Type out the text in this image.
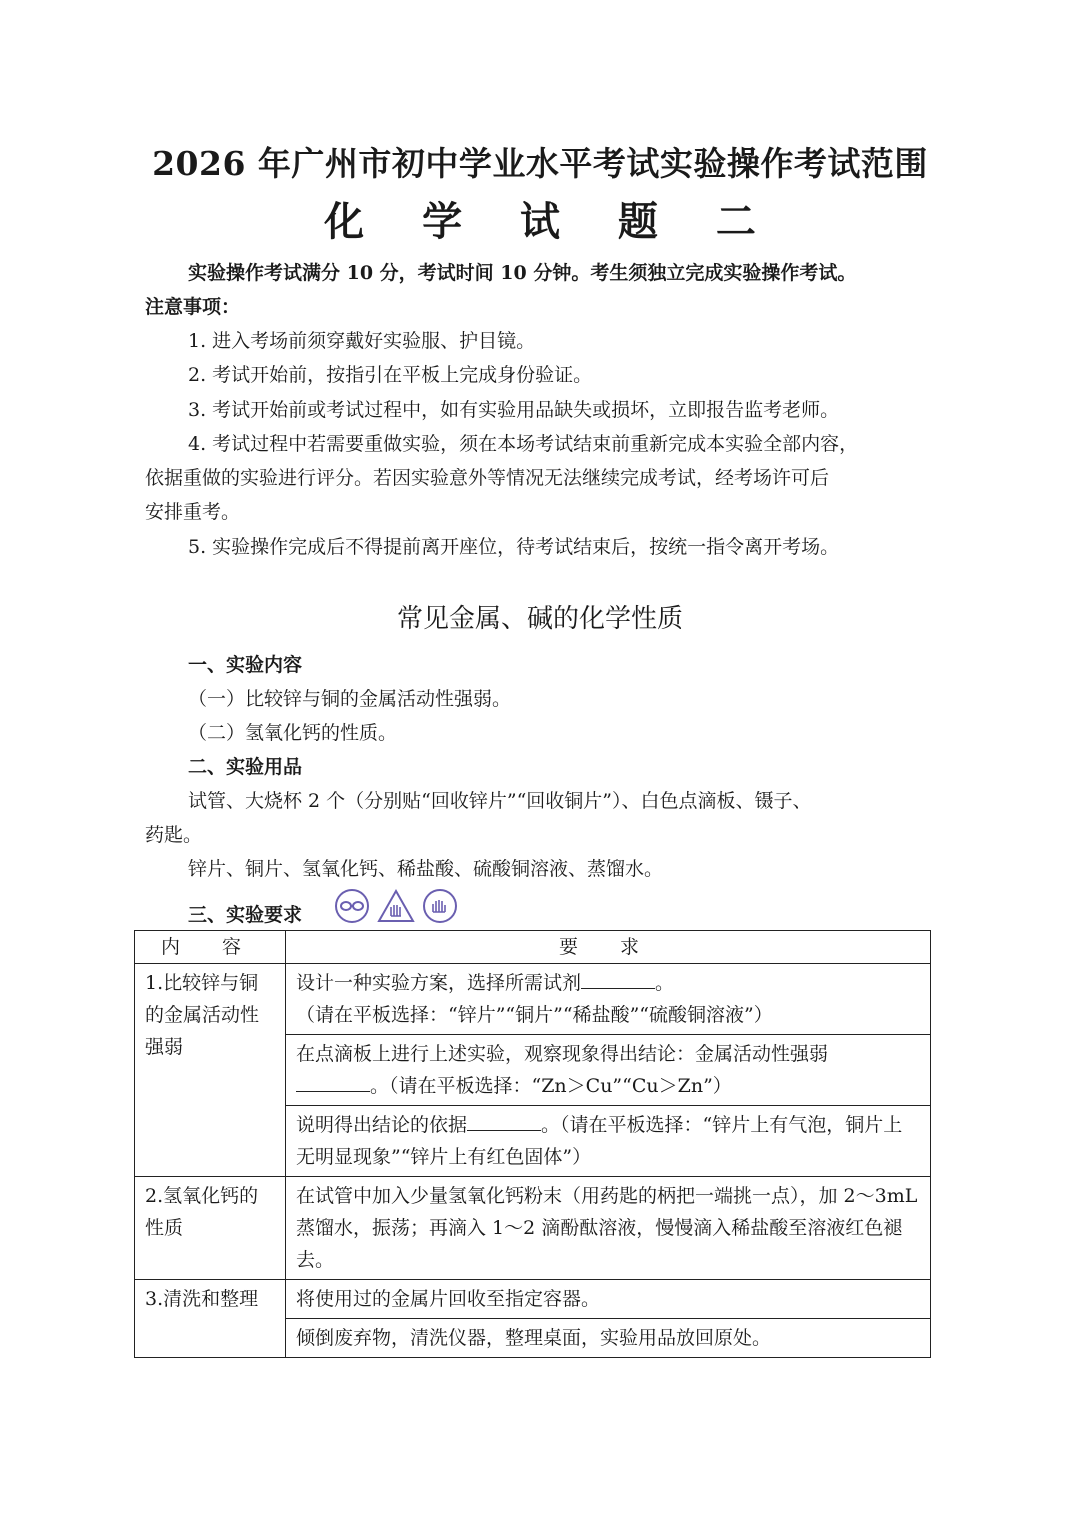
2026 年广州市初中学业水平考试实验操作考试范围
化 学 试 题 二
实验操作考试满分 10 分，考试时间 10 分钟。考生须独立完成实验操作考试。
注意事项：
1. 进入考场前须穿戴好实验服、护目镜。
2. 考试开始前，按指引在平板上完成身份验证。
3. 考试开始前或考试过程中，如有实验用品缺失或损坏，立即报告监考老师。
4. 考试过程中若需要重做实验，须在本场考试结束前重新完成本实验全部内容，
依据重做的实验进行评分。若因实验意外等情况无法继续完成考试，经考场许可后
安排重考。
5. 实验操作完成后不得提前离开座位，待考试结束后，按统一指令离开考场。
常见金属、碱的化学性质
一、实验内容
（一）比较锌与铜的金属活动性强弱。
（二）氢氧化钙的性质。
二、实验用品
试管、大烧杯 2 个（分别贴“回收锌片”“回收铜片”）、白色点滴板、镊子、
药匙。
锌片、铜片、氢氧化钙、稀盐酸、硫酸铜溶液、蒸馏水。
三、实验要求
内 容	要 求
1.比较锌与铜的金属活动性强弱	设计一种实验方案，选择所需试剂 。
（请在平板选择：“锌片”“铜片”“稀盐酸”“硫酸铜溶液”）
	在点滴板上进行上述实验，观察现象得出结论：金属活动性强弱
。（请在平板选择：“Zn＞Cu”“Cu＞Zn”）
	说明得出结论的依据 。（请在平板选择：“锌片上有气泡，铜片上无明显现象”“锌片上有红色固体”）
2.氢氧化钙的性质	在试管中加入少量氢氧化钙粉末（用药匙的柄把一端挑一点），加 2～3mL 蒸馏水，振荡；再滴入 1～2 滴酚酞溶液，慢慢滴入稀盐酸至溶液红色褪去。
3.清洗和整理	将使用过的金属片回收至指定容器。
	倾倒废弃物，清洗仪器，整理桌面，实验用品放回原处。
